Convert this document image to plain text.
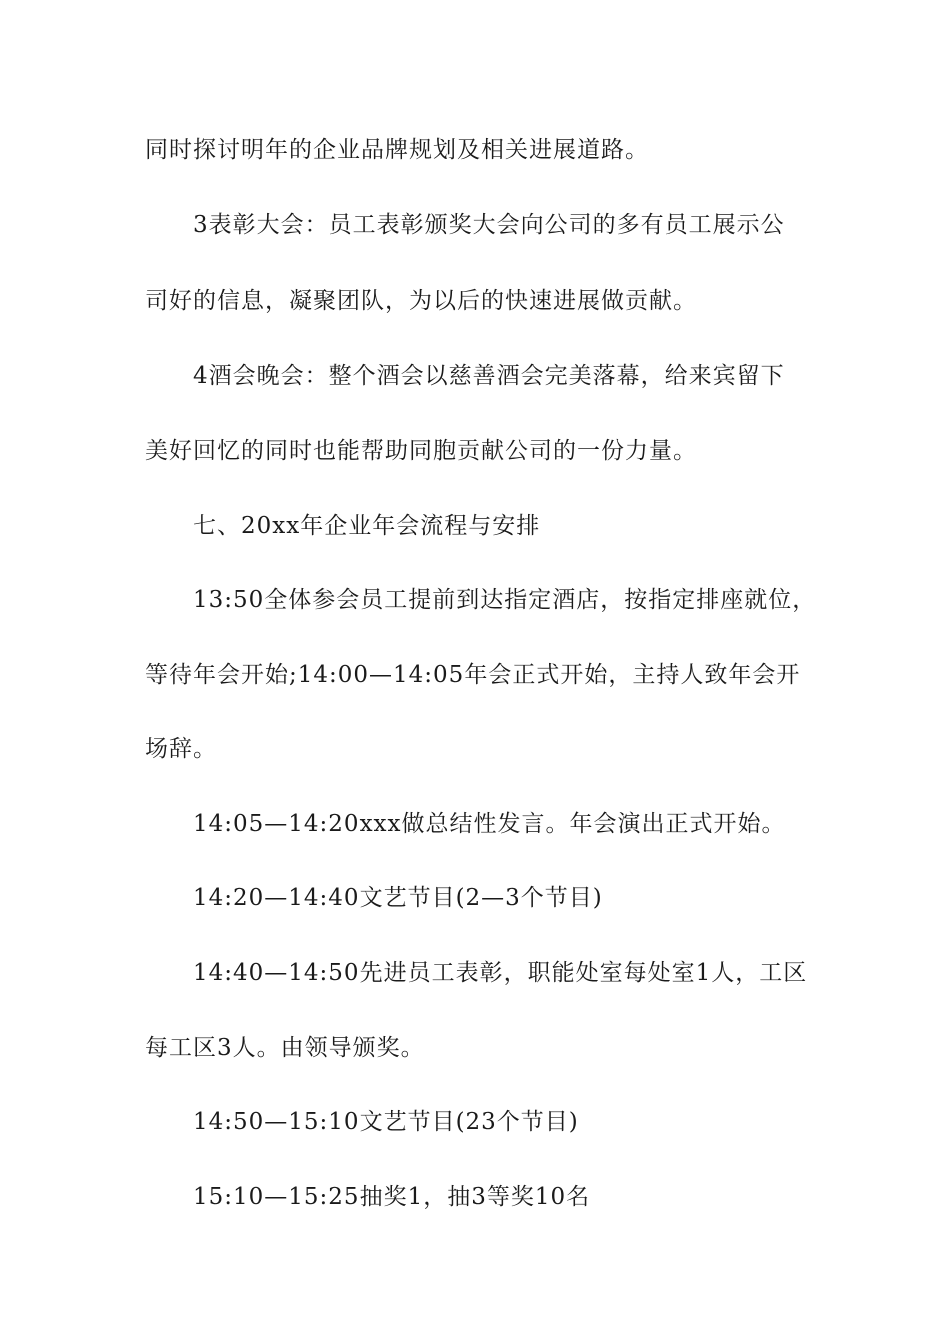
同时探讨明年的企业品牌规划及相关进展道路。

3表彰大会：员工表彰颁奖大会向公司的多有员工展示公

司好的信息，凝聚团队，为以后的快速进展做贡献。

4酒会晚会：整个酒会以慈善酒会完美落幕，给来宾留下

美好回忆的同时也能帮助同胞贡献公司的一份力量。

七、20xx年企业年会流程与安排

13:50全体参会员工提前到达指定酒店，按指定排座就位，

等待年会开始;14:00—14:05年会正式开始，主持人致年会开

场辞。

14:05—14:20xxx做总结性发言。年会演出正式开始。

14:20—14:40文艺节目(2—3个节目)

14:40—14:50先进员工表彰，职能处室每处室1人，工区

每工区3人。由领导颁奖。

14:50—15:10文艺节目(23个节目)

15:10—15:25抽奖1，抽3等奖10名
